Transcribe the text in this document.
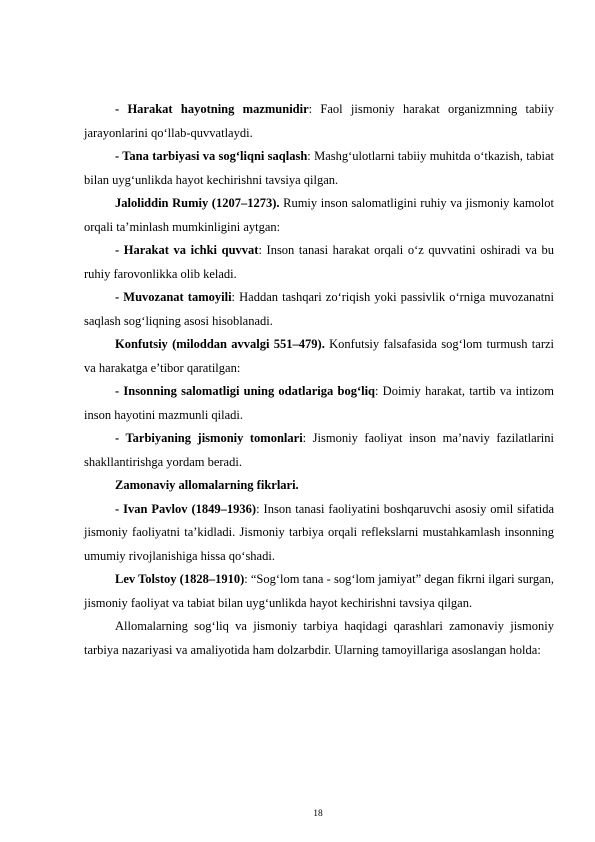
- Harakat hayotning mazmunidir: Faol jismoniy harakat organizmning tabiiy jarayonlarini qo‘llab-quvvatlaydi.

- Tana tarbiyasi va sog‘liqni saqlash: Mashg‘ulotlarni tabiiy muhitda o‘tkazish, tabiat bilan uyg‘unlikda hayot kechirishni tavsiya qilgan.

Jaloliddin Rumiy (1207–1273). Rumiy inson salomatligini ruhiy va jismoniy kamolot orqali ta’minlash mumkinligini aytgan:

- Harakat va ichki quvvat: Inson tanasi harakat orqali o‘z quvvatini oshiradi va bu ruhiy farovonlikka olib keladi.

- Muvozanat tamoyili: Haddan tashqari zo‘riqish yoki passivlik o‘rniga muvozanatni saqlash sog‘liqning asosi hisoblanadi.

Konfutsiy (miloddan avvalgi 551–479). Konfutsiy falsafasida sog‘lom turmush tarzi va harakatga e’tibor qaratilgan:

- Insonning salomatligi uning odatlariga bog‘liq: Doimiy harakat, tartib va intizom inson hayotini mazmunli qiladi.

- Tarbiyaning jismoniy tomonlari: Jismoniy faoliyat inson ma’naviy fazilatlarini shakllantirishga yordam beradi.

Zamonaviy allomalarning fikrlari.

- Ivan Pavlov (1849–1936): Inson tanasi faoliyatini boshqaruvchi asosiy omil sifatida jismoniy faoliyatni ta’kidladi. Jismoniy tarbiya orqali reflekslarni mustahkamlash insonning umumiy rivojlanishiga hissa qo‘shadi.

Lev Tolstoy (1828–1910): “Sog‘lom tana - sog‘lom jamiyat” degan fikrni ilgari surgan, jismoniy faoliyat va tabiat bilan uyg‘unlikda hayot kechirishni tavsiya qilgan.

Allomalarning sog‘liq va jismoniy tarbiya haqidagi qarashlari zamonaviy jismoniy tarbiya nazariyasi va amaliyotida ham dolzarbdir. Ularning tamoyillariga asoslangan holda:

18
